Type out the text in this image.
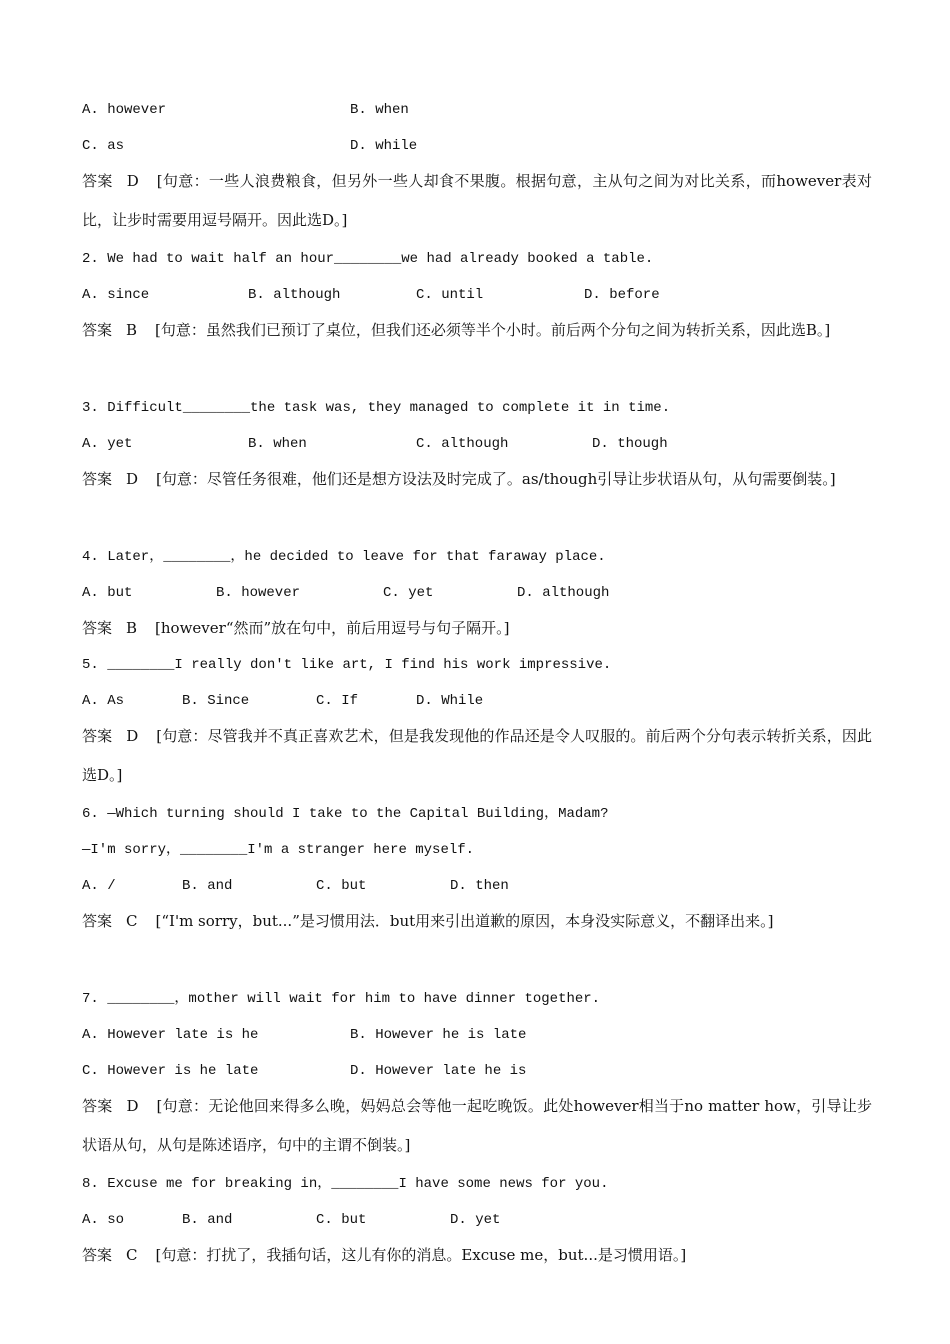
A. however	B. when
C. as	D. while
答案 D [句意：一些人浪费粮食，但另外一些人却食不果腹。根据句意，主从句之间为对比关系，而however表对比，让步时需要用逗号隔开。因此选D。]
2. We had to wait half an hour________we had already booked a table.
A. since	B. although	C. until	D. before
答案 B [句意：虽然我们已预订了桌位，但我们还必须等半个小时。前后两个分句之间为转折关系，因此选B。]
3. Difficult________the task was, they managed to complete it in time.
A. yet	B. when	C. although	D. though
答案 D [句意：尽管任务很难，他们还是想方设法及时完成了。as/though引导让步状语从句，从句需要倒装。]
4. Later，________，he decided to leave for that faraway place.
A. but	B. however	C. yet	D. although
答案 B [however“然而”放在句中，前后用逗号与句子隔开。]
5. ________I really don't like art, I find his work impressive.
A. As	B. Since	C. If	D. While
答案 D [句意：尽管我并不真正喜欢艺术，但是我发现他的作品还是令人叹服的。前后两个分句表示转折关系，因此选D。]
6. —Which turning should I take to the Capital Building，Madam?
—I'm sorry，________I'm a stranger here myself.
A. /	B. and	C. but	D. then
答案 C [“I'm sorry，but...”是习惯用法．but用来引出道歉的原因，本身没实际意义，不翻译出来。]
7. ________，mother will wait for him to have dinner together.
A. However late is he	B. However he is late
C. However is he late	D. However late he is
答案 D [句意：无论他回来得多么晚，妈妈总会等他一起吃晚饭。此处however相当于no matter how，引导让步状语从句，从句是陈述语序，句中的主谓不倒装。]
8. Excuse me for breaking in，________I have some news for you.
A. so	B. and	C. but	D. yet
答案 C [句意：打扰了，我插句话，这儿有你的消息。Excuse me，but...是习惯用语。]
